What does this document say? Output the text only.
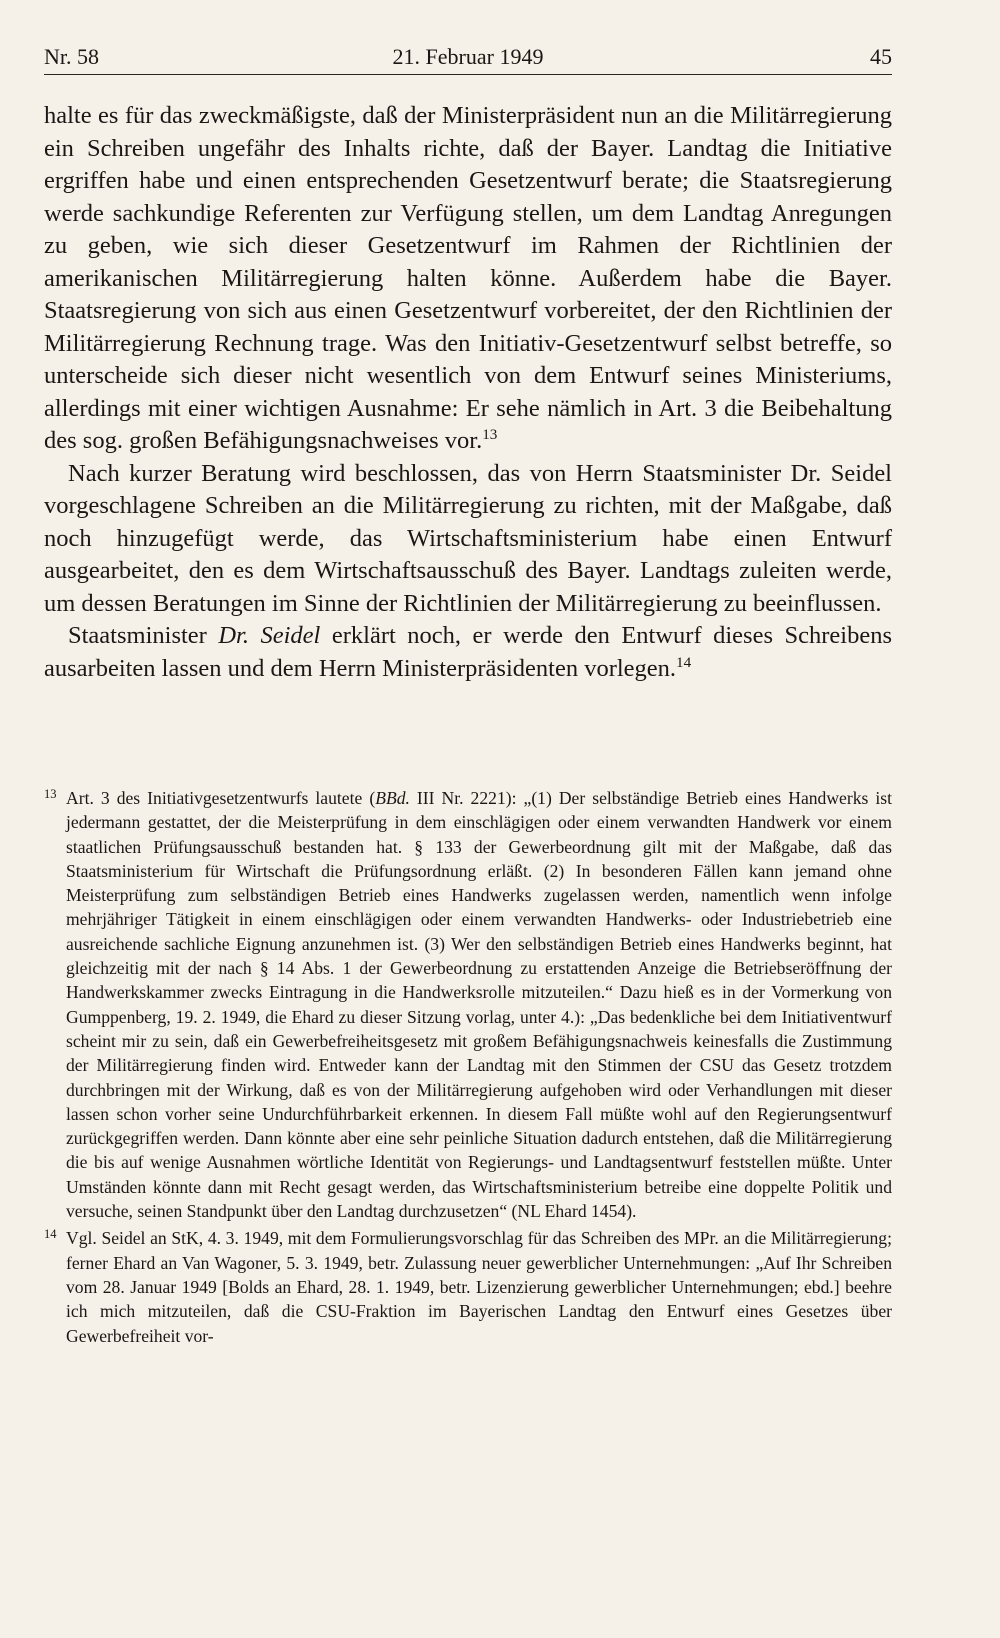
Nr. 58	21. Februar 1949	45

halte es für das zweckmäßigste, daß der Ministerpräsident nun an die Militärregierung ein Schreiben ungefähr des Inhalts richte, daß der Bayer. Landtag die Initiative ergriffen habe und einen entsprechenden Gesetzentwurf berate; die Staatsregierung werde sachkundige Referenten zur Verfügung stellen, um dem Landtag Anregungen zu geben, wie sich dieser Gesetzentwurf im Rahmen der Richtlinien der amerikanischen Militärregierung halten könne. Außerdem habe die Bayer. Staatsregierung von sich aus einen Gesetzentwurf vorbereitet, der den Richtlinien der Militärregierung Rechnung trage. Was den Initiativ-Gesetzentwurf selbst betreffe, so unterscheide sich dieser nicht wesentlich von dem Entwurf seines Ministeriums, allerdings mit einer wichtigen Ausnahme: Er sehe nämlich in Art. 3 die Beibehaltung des sog. großen Befähigungsnachweises vor.$^{13}$

Nach kurzer Beratung wird beschlossen, das von Herrn Staatsminister Dr. Seidel vorgeschlagene Schreiben an die Militärregierung zu richten, mit der Maßgabe, daß noch hinzugefügt werde, das Wirtschaftsministerium habe einen Entwurf ausgearbeitet, den es dem Wirtschaftsausschuß des Bayer. Landtags zuleiten werde, um dessen Beratungen im Sinne der Richtlinien der Militärregierung zu beeinflussen.

Staatsminister Dr. Seidel erklärt noch, er werde den Entwurf dieses Schreibens ausarbeiten lassen und dem Herrn Ministerpräsidenten vorlegen.$^{14}$

13 Art. 3 des Initiativgesetzentwurfs lautete (BBd. III Nr. 2221): „(1) Der selbständige Betrieb eines Handwerks ist jedermann gestattet, der die Meisterprüfung in dem einschlägigen oder einem verwandten Handwerk vor einem staatlichen Prüfungsausschuß bestanden hat. § 133 der Gewerbeordnung gilt mit der Maßgabe, daß das Staatsministerium für Wirtschaft die Prüfungsordnung erläßt. (2) In besonderen Fällen kann jemand ohne Meisterprüfung zum selbständigen Betrieb eines Handwerks zugelassen werden, namentlich wenn infolge mehrjähriger Tätigkeit in einem einschlägigen oder einem verwandten Handwerks- oder Industriebetrieb eine ausreichende sachliche Eignung anzunehmen ist. (3) Wer den selbständigen Betrieb eines Handwerks beginnt, hat gleichzeitig mit der nach § 14 Abs. 1 der Gewerbeordnung zu erstattenden Anzeige die Betriebseröffnung der Handwerkskammer zwecks Eintragung in die Handwerksrolle mitzuteilen.“ Dazu hieß es in der Vormerkung von Gumppenberg, 19. 2. 1949, die Ehard zu dieser Sitzung vorlag, unter 4.): „Das bedenkliche bei dem Initiativentwurf scheint mir zu sein, daß ein Gewerbefreiheitsgesetz mit großem Befähigungsnachweis keinesfalls die Zustimmung der Militärregierung finden wird. Entweder kann der Landtag mit den Stimmen der CSU das Gesetz trotzdem durchbringen mit der Wirkung, daß es von der Militärregierung aufgehoben wird oder Verhandlungen mit dieser lassen schon vorher seine Undurchführbarkeit erkennen. In diesem Fall müßte wohl auf den Regierungsentwurf zurückgegriffen werden. Dann könnte aber eine sehr peinliche Situation dadurch entstehen, daß die Militärregierung die bis auf wenige Ausnahmen wörtliche Identität von Regierungs- und Landtagsentwurf feststellen müßte. Unter Umständen könnte dann mit Recht gesagt werden, das Wirtschaftsministerium betreibe eine doppelte Politik und versuche, seinen Standpunkt über den Landtag durchzusetzen“ (NL Ehard 1454).
14 Vgl. Seidel an StK, 4. 3. 1949, mit dem Formulierungsvorschlag für das Schreiben des MPr. an die Militärregierung; ferner Ehard an Van Wagoner, 5. 3. 1949, betr. Zulassung neuer gewerblicher Unternehmungen: „Auf Ihr Schreiben vom 28. Januar 1949 [Bolds an Ehard, 28. 1. 1949, betr. Lizenzierung gewerblicher Unternehmungen; ebd.] beehre ich mich mitzuteilen, daß die CSU-Fraktion im Bayerischen Landtag den Entwurf eines Gesetzes über Gewerbefreiheit vor-
